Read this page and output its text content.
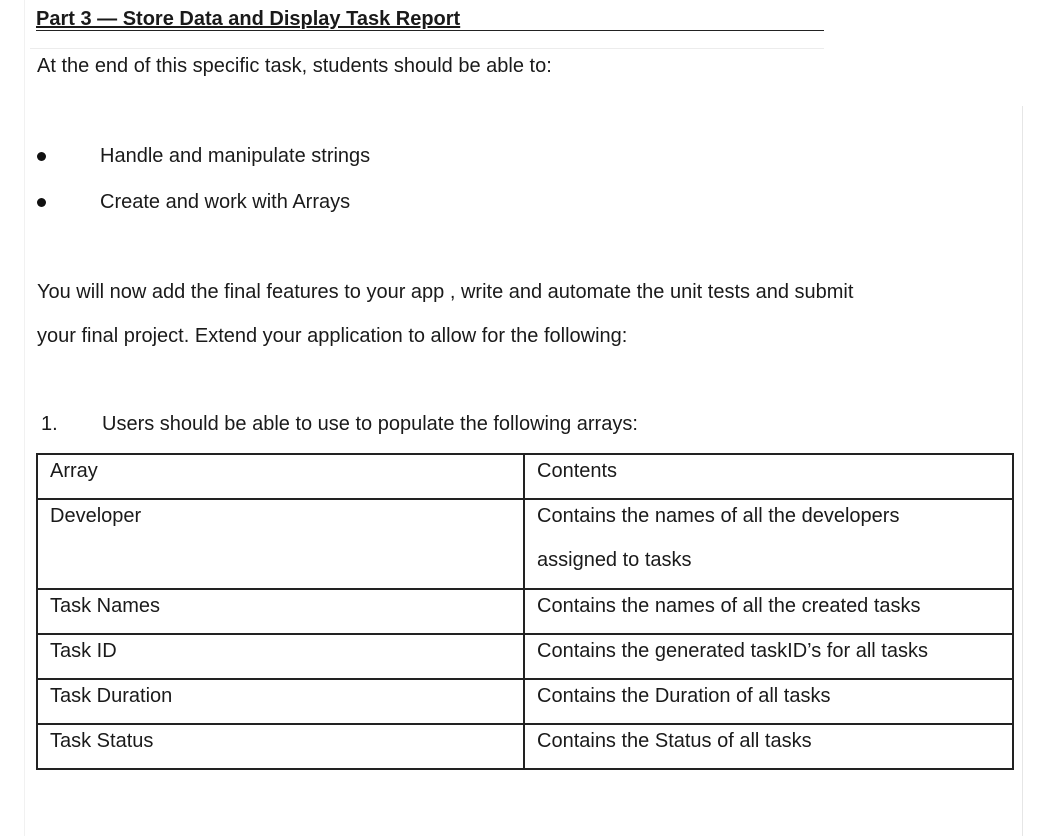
Part 3 — Store Data and Display Task Report
At the end of this specific task, students should be able to:
Handle and manipulate strings
Create and work with Arrays
You will now add the final features to your app , write and automate the unit tests and submit
your final project. Extend your application to allow for the following:
1. Users should be able to use to populate the following arrays:
Array	Contents
Developer	Contains the names of all the developers
assigned to tasks

Task Names	Contains the names of all the created tasks
Task ID	Contains the generated taskID’s for all tasks
Task Duration	Contains the Duration of all tasks
Task Status	Contains the Status of all tasks
